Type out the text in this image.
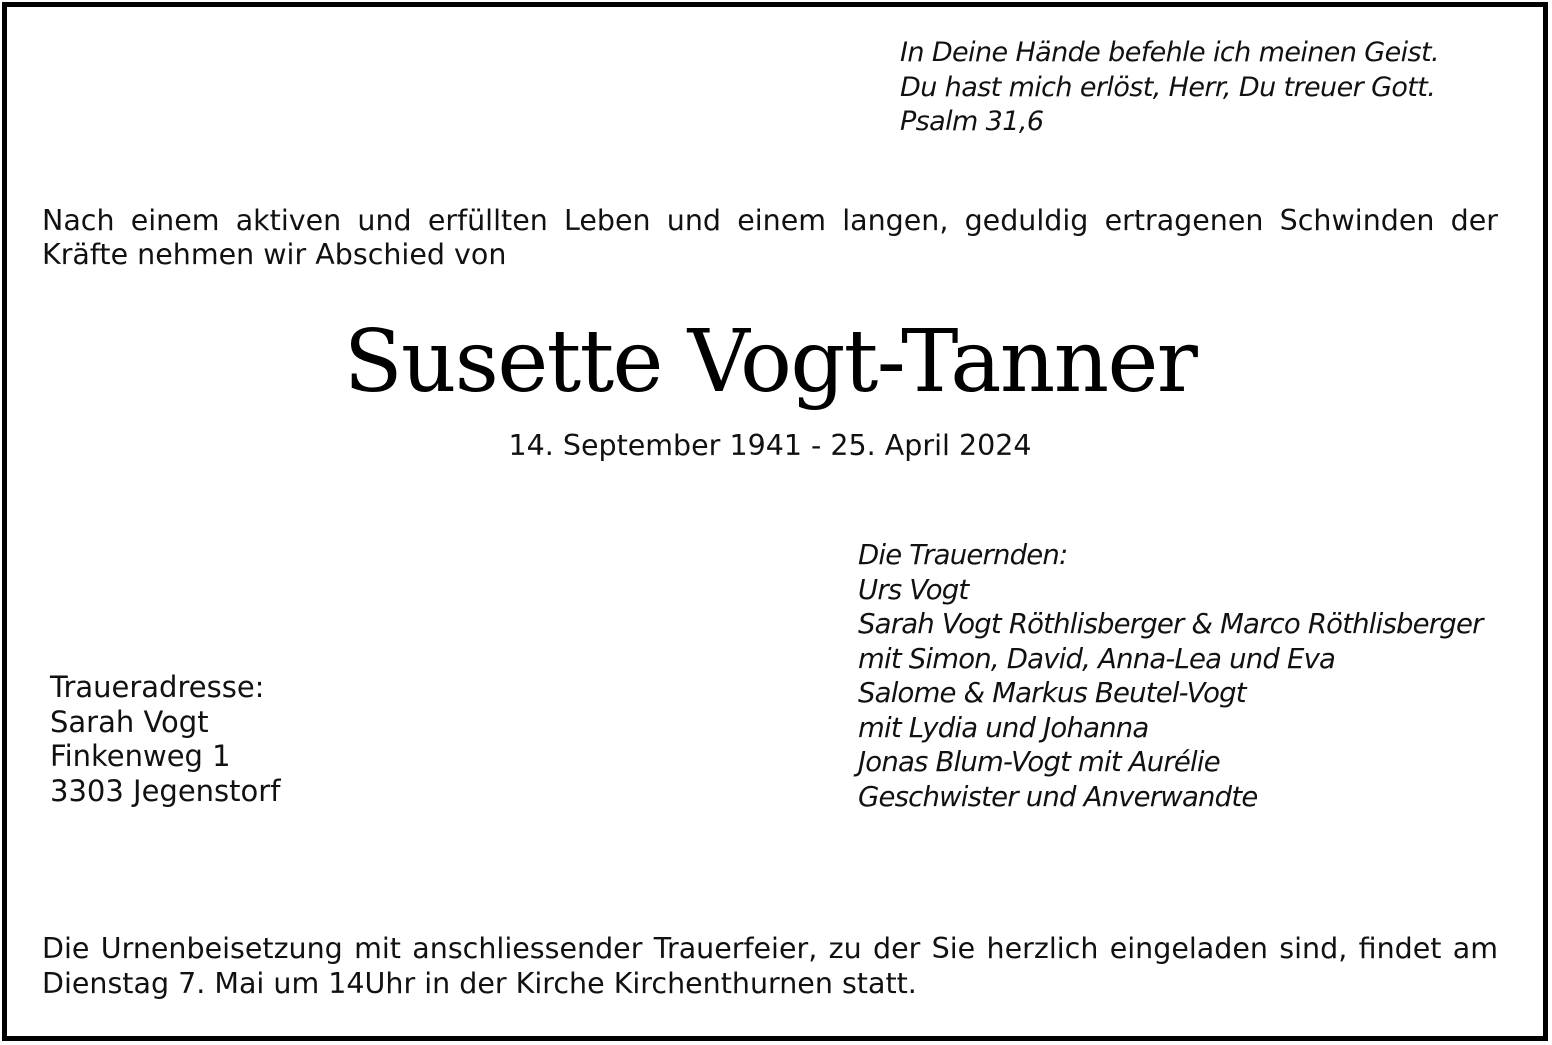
In Deine Hände befehle ich meinen Geist.
Du hast mich erlöst, Herr, Du treuer Gott.
Psalm 31,6
Nach einem aktiven und erfüllten Leben und einem langen, geduldig ertragenen Schwinden der Kräfte nehmen wir Abschied von
Susette Vogt-Tanner
14. September 1941 - 25. April 2024
Die Trauernden:
Urs Vogt
Sarah Vogt Röthlisberger & Marco Röthlisberger
mit Simon, David, Anna-Lea und Eva
Salome & Markus Beutel-Vogt
mit Lydia und Johanna
Jonas Blum-Vogt mit Aurélie
Geschwister und Anverwandte
Traueradresse:
Sarah Vogt
Finkenweg 1
3303 Jegenstorf
Die Urnenbeisetzung mit anschliessender Trauerfeier, zu der Sie herzlich eingeladen sind, findet am Dienstag 7. Mai um 14Uhr in der Kirche Kirchenthurnen statt.
